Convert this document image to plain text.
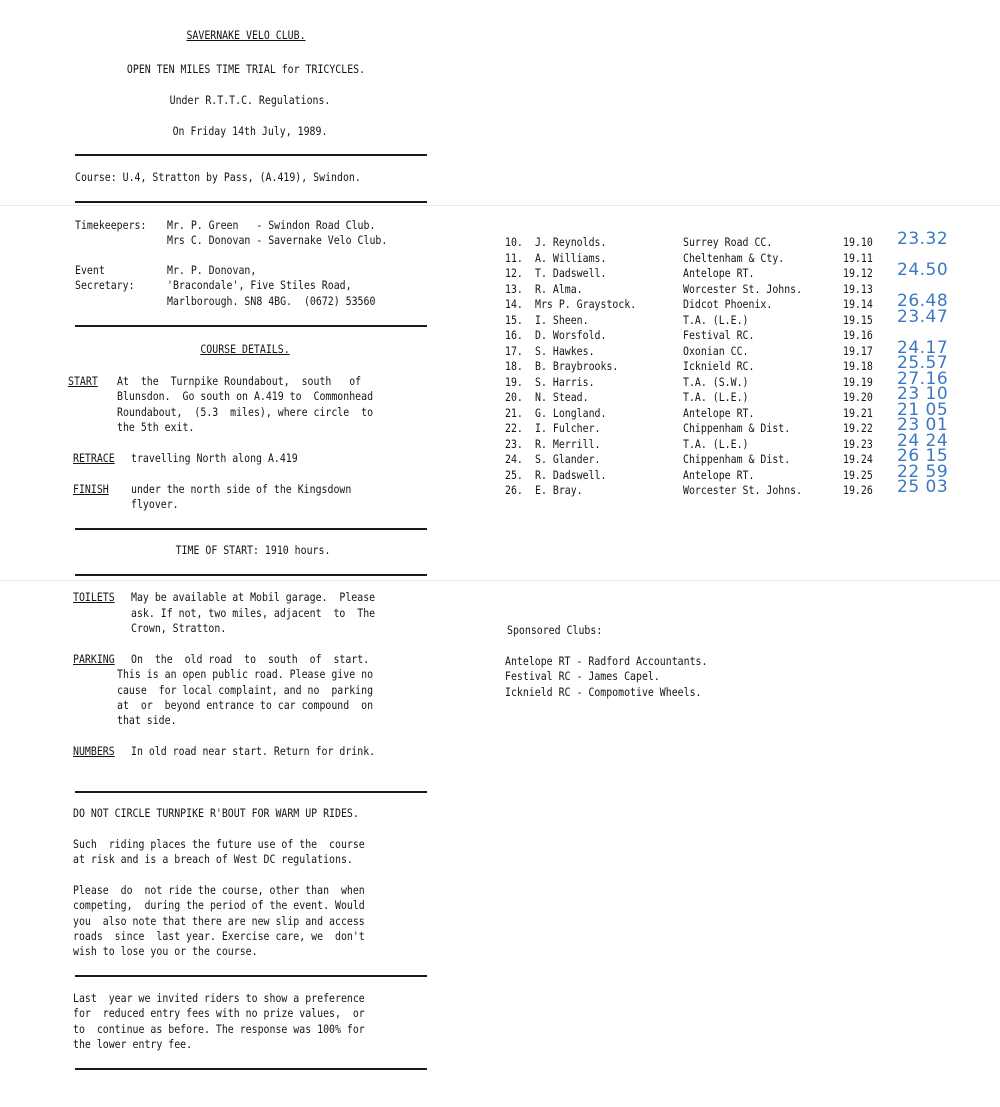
SAVERNAKE VELO CLUB.
OPEN TEN MILES TIME TRIAL for TRICYCLES.
Under R.T.T.C. Regulations.
On Friday 14th July, 1989.
Course: U.4, Stratton by Pass, (A.419), Swindon.
Timekeepers: Mr. P. Green   - Swindon Road Club.
Mrs C. Donovan - Savernake Velo Club.
Event
Secretary:
Mr. P. Donovan,
'Bracondale', Five Stiles Road,
Marlborough. SN8 4BG.  (0672) 53560
COURSE DETAILS.
START At  the  Turnpike Roundabout,  south   of
Blunsdon.  Go south on A.419 to  Commonhead
Roundabout,  (5.3  miles), where circle  to
the 5th exit.
RETRACE travelling North along A.419
FINISH under the north side of the Kingsdown
flyover.
TIME OF START: 1910 hours.
TOILETS May be available at Mobil garage.  Please
ask. If not, two miles, adjacent  to  The
Crown, Stratton.
PARKING On  the  old road  to  south  of  start.
This is an open public road. Please give no
cause  for local complaint, and no  parking
at  or  beyond entrance to car compound  on
that side.
NUMBERS In old road near start. Return for drink.
DO NOT CIRCLE TURNPIKE R'BOUT FOR WARM UP RIDES.
Such  riding places the future use of the  course
at risk and is a breach of West DC regulations.
Please  do  not ride the course, other than  when
competing,  during the period of the event. Would
you  also note that there are new slip and access
roads  since  last year. Exercise care, we  don't
wish to lose you or the course.
Last  year we invited riders to show a preference
for  reduced entry fees with no prize values,  or
to  continue as before. The response was 100% for
the lower entry fee.
10. J. Reynolds.	Surrey Road CC.	19.10 23.32
11. A. Williams.	Cheltenham & Cty.	19.11
12. T. Dadswell.	Antelope RT.	19.12 24.50
13. R. Alma.	Worcester St. Johns.	19.13
14. Mrs P. Graystock.	Didcot Phoenix.	19.14 26.48
15. I. Sheen.	T.A. (L.E.)	19.15 23.47
16. D. Worsfold.	Festival RC.	19.16
17. S. Hawkes.	Oxonian CC.	19.17 24.17
18. B. Braybrooks.	Icknield RC.	19.18 25.57
19. S. Harris.	T.A. (S.W.)	19.19 27.16
20. N. Stead.	T.A. (L.E.)	19.20 23 10
21. G. Longland.	Antelope RT.	19.21 21 05
22. I. Fulcher.	Chippenham & Dist.	19.22 23 01
23. R. Merrill.	T.A. (L.E.)	19.23 24 24
24. S. Glander.	Chippenham & Dist.	19.24 26 15
25. R. Dadswell.	Antelope RT.	19.25 22 59
26. E. Bray.	Worcester St. Johns.	19.26 25 03
Sponsored Clubs:
Antelope RT - Radford Accountants.
Festival RC - James Capel.
Icknield RC - Compomotive Wheels.
